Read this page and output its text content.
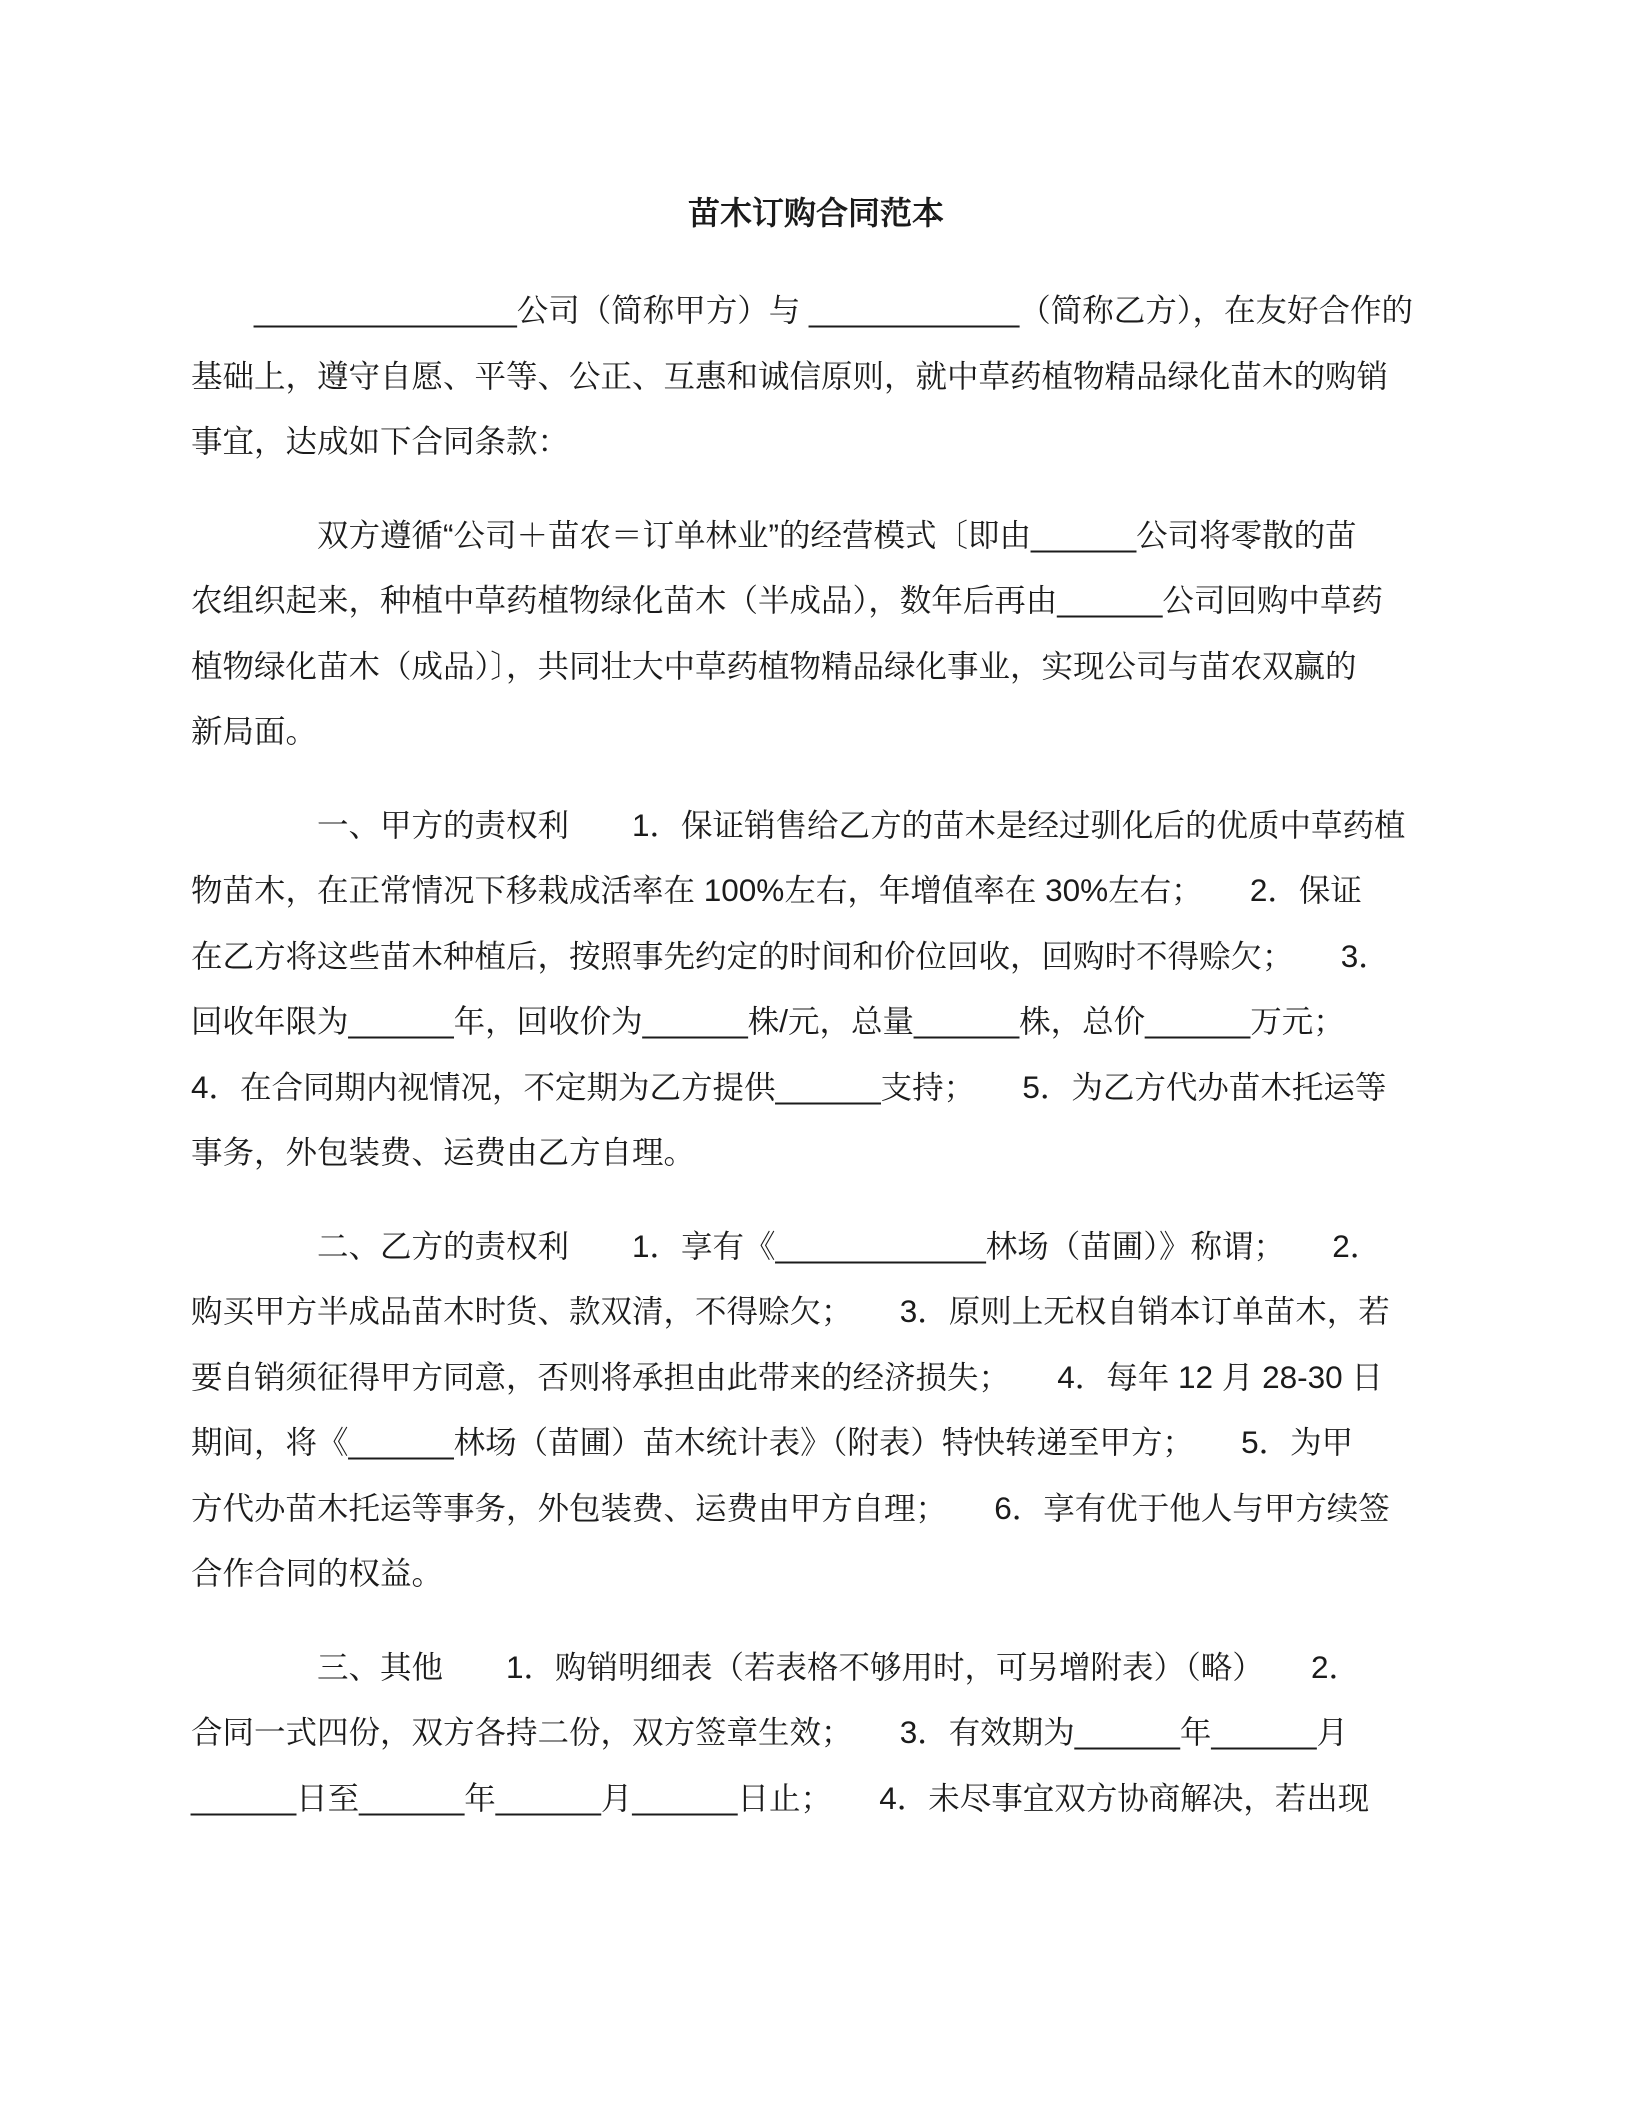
苗木订购合同范本
_______________公司（简称甲方）与 ____________（简称乙方），在友好合作的
基础上，遵守自愿、平等、公正、互惠和诚信原则，就中草药植物精品绿化苗木的购销
事宜，达成如下合同条款：
双方遵循“公司＋苗农＝订单林业”的经营模式〔即由______公司将零散的苗
农组织起来，种植中草药植物绿化苗木（半成品），数年后再由______公司回购中草药
植物绿化苗木（成品）〕，共同壮大中草药植物精品绿化事业，实现公司与苗农双赢的
新局面。
一、甲方的责权利　　1．保证销售给乙方的苗木是经过驯化后的优质中草药植
物苗木，在正常情况下移栽成活率在 100%左右，年增值率在 30%左右；　　2．保证
在乙方将这些苗木种植后，按照事先约定的时间和价位回收，回购时不得赊欠；　　3．
回收年限为______年，回收价为______株/元，总量______株，总价______万元；
4．在合同期内视情况，不定期为乙方提供______支持；　　5．为乙方代办苗木托运等
事务，外包装费、运费由乙方自理。
二、乙方的责权利　　1．享有《____________林场（苗圃）》称谓；　　2．
购买甲方半成品苗木时货、款双清，不得赊欠；　　3．原则上无权自销本订单苗木，若
要自销须征得甲方同意，否则将承担由此带来的经济损失；　　4．每年 12 月 28-30 日
期间，将《______林场（苗圃）苗木统计表》（附表）特快转递至甲方；　　5．为甲
方代办苗木托运等事务，外包装费、运费由甲方自理；　　6．享有优于他人与甲方续签
合作合同的权益。
三、其他　　1．购销明细表（若表格不够用时，可另增附表）（略）　　2．
合同一式四份，双方各持二份，双方签章生效；　　3．有效期为______年______月
______日至______年______月______日止；　　4．未尽事宜双方协商解决，若出现
